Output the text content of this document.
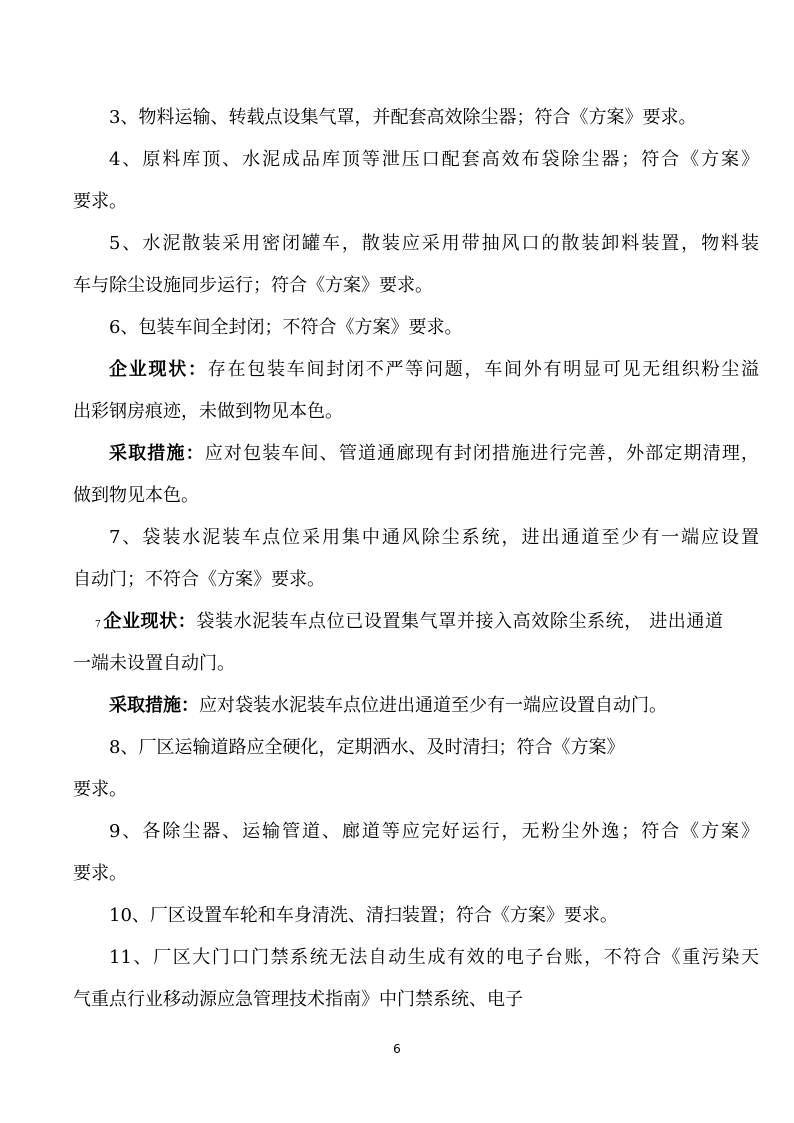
3、物料运输、转载点设集气罩，并配套高效除尘器；符合《方案》要求。
4、原料库顶、水泥成品库顶等泄压口配套高效布袋除尘器；符合《方案》
要求。
5、水泥散装采用密闭罐车，散装应采用带抽风口的散装卸料装置，物料装
车与除尘设施同步运行；符合《方案》要求。
6、包装车间全封闭；不符合《方案》要求。
企业现状：存在包装车间封闭不严等问题，车间外有明显可见无组织粉尘溢
出彩钢房痕迹，未做到物见本色。
采取措施：应对包装车间、管道通廊现有封闭措施进行完善，外部定期清理，
做到物见本色。
7、袋装水泥装车点位采用集中通风除尘系统，进出通道至少有一端应设置
自动门；不符合《方案》要求。
7 企业现状：袋装水泥装车点位已设置集气罩并接入高效除尘系统， 进出通道
一端未设置自动门。
采取措施：应对袋装水泥装车点位进出通道至少有一端应设置自动门。
8、厂区运输道路应全硬化，定期洒水、及时清扫；符合《方案》
要求。
9、各除尘器、运输管道、廊道等应完好运行，无粉尘外逸；符合《方案》
要求。
10、厂区设置车轮和车身清洗、清扫装置；符合《方案》要求。
11、厂区大门口门禁系统无法自动生成有效的电子台账，不符合《重污染天
气重点行业移动源应急管理技术指南》中门禁系统、电子
6
